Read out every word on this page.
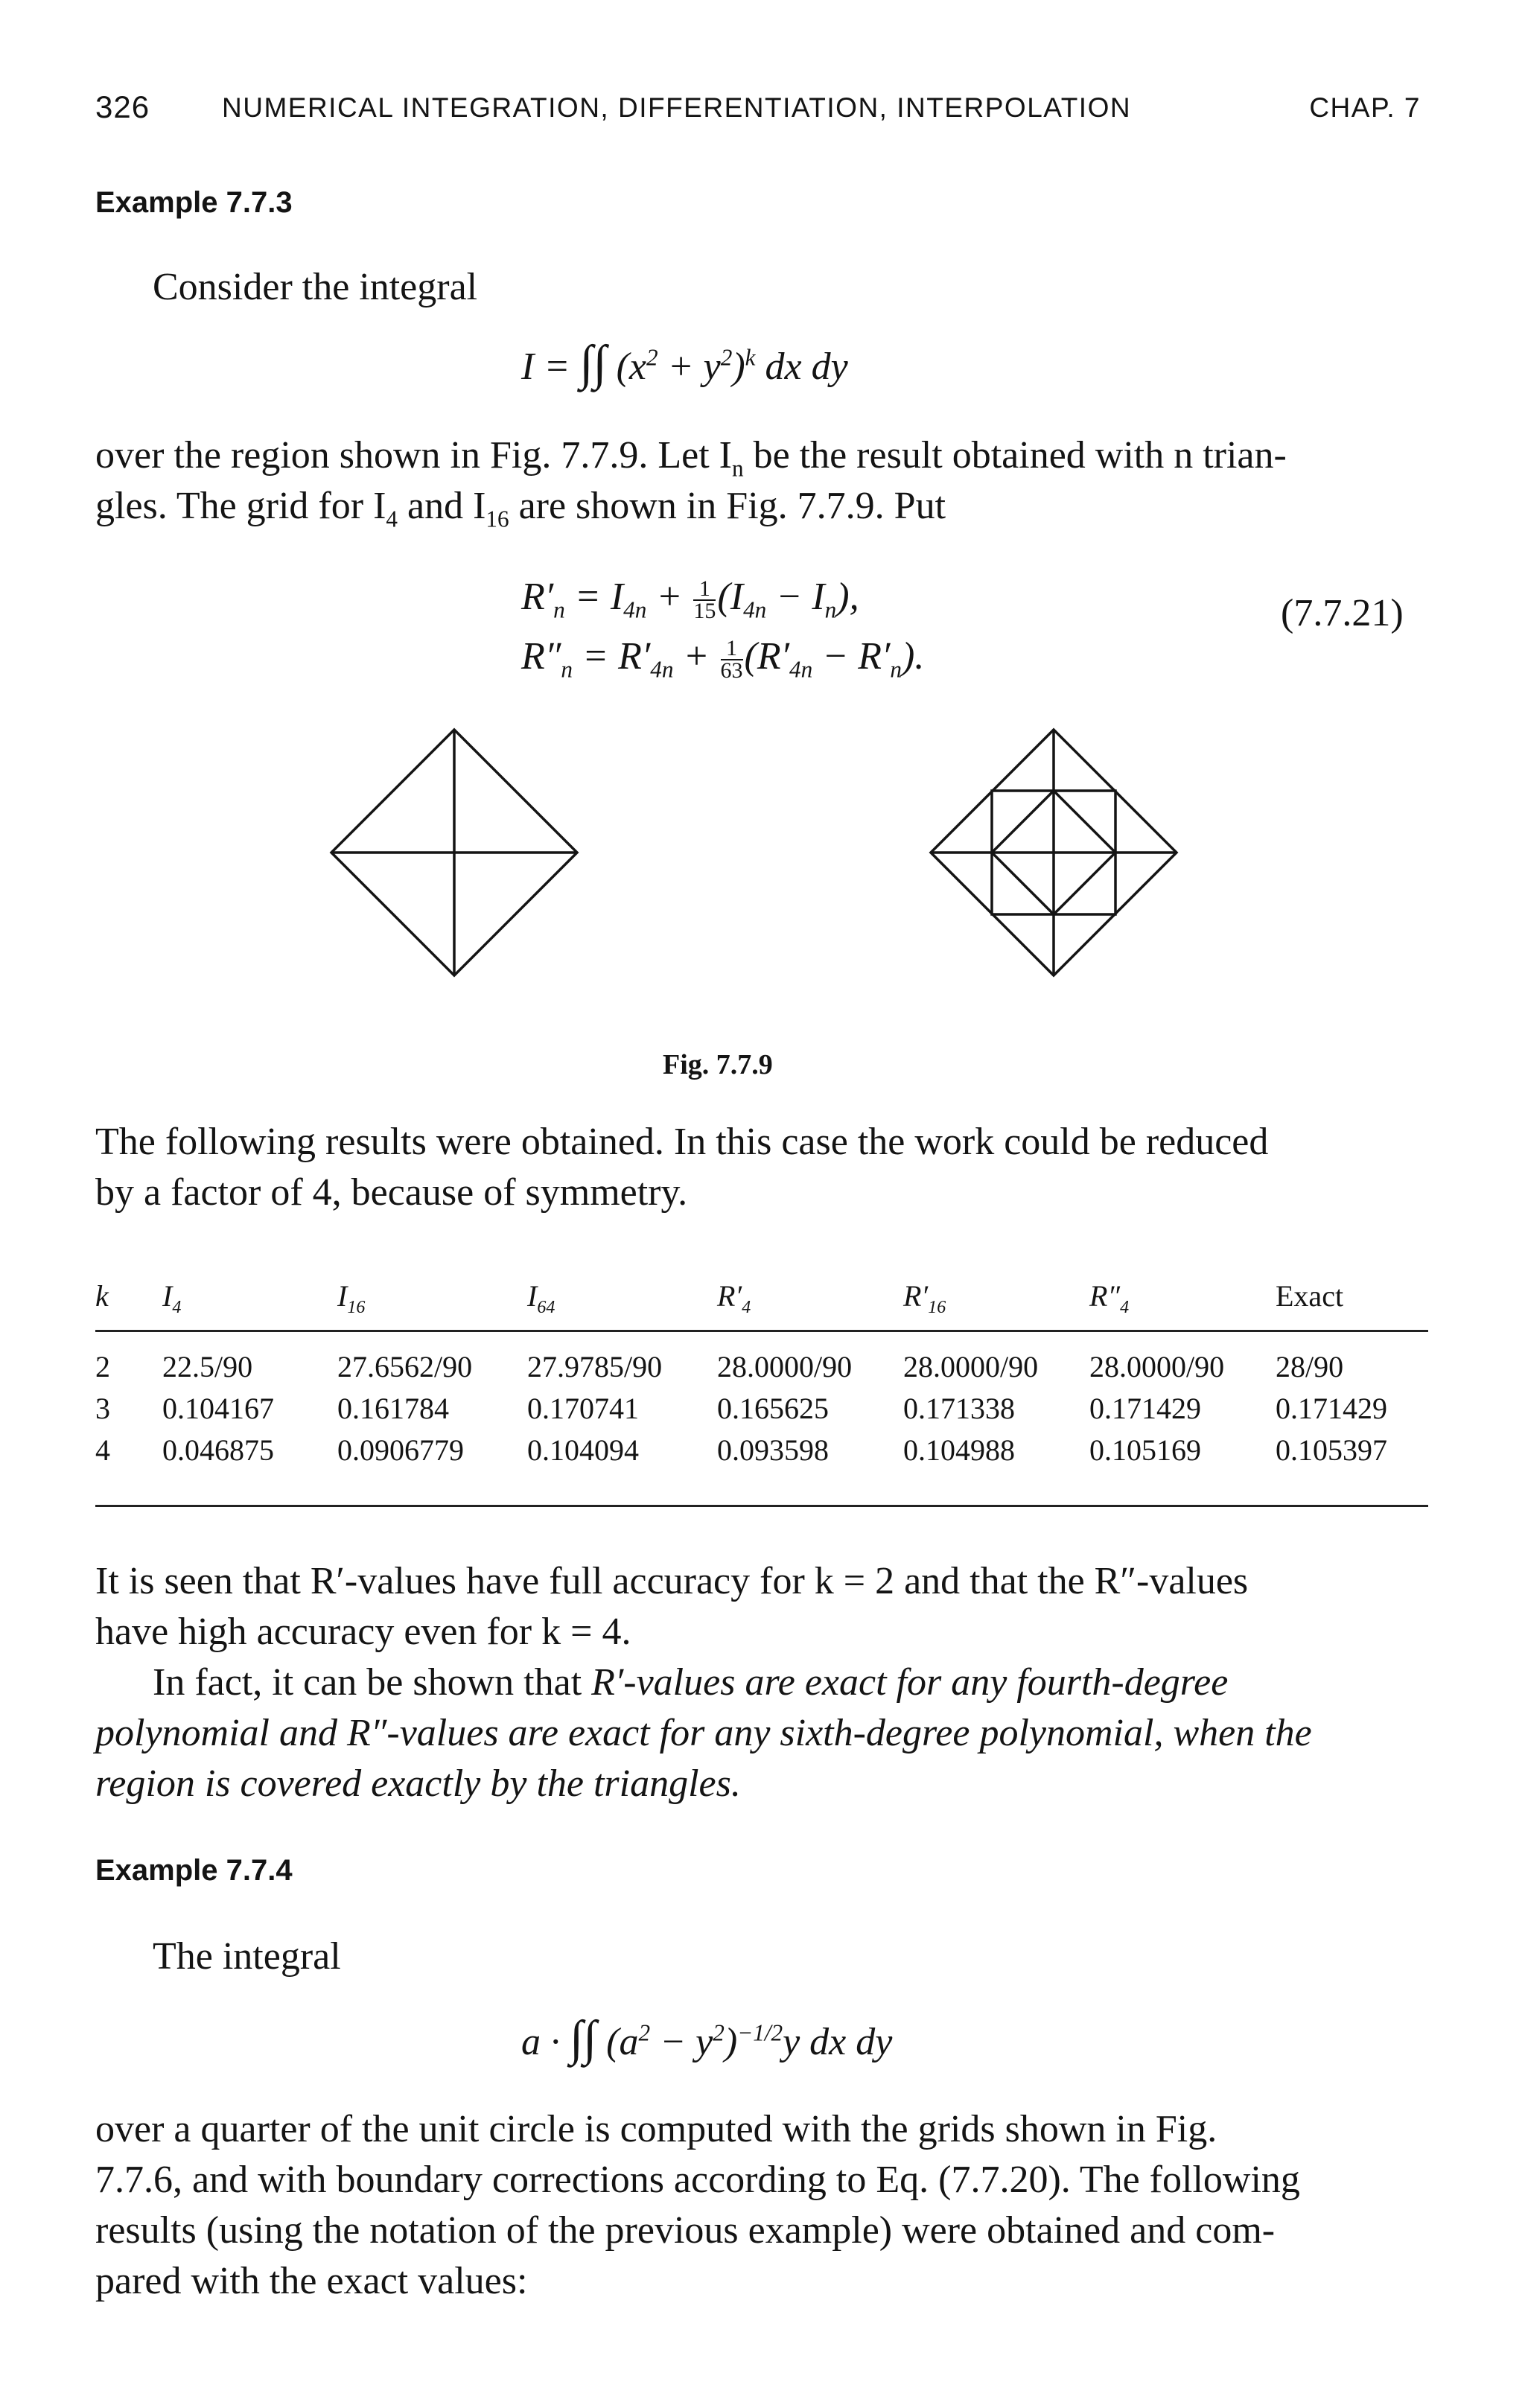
326	NUMERICAL INTEGRATION, DIFFERENTIATION, INTERPOLATION	CHAP. 7
Example 7.7.3
Consider the integral
I = ∫∫ $(x^2 + y^2)^k$ dx dy
over the region shown in Fig. 7.7.9. Let $I_n$ be the result obtained with n trian-
gles. The grid for $I_4$ and $I_{16}$ are shown in Fig. 7.7.9. Put
$R'_n = I_{4n} + \frac{1}{15} (I_{4n} - I_n)$,
$R''_n = R'_{4n} + \frac{1}{63} (R'_{4n} - R'_n)$.
(7.7.21)
Fig. 7.7.9
The following results were obtained. In this case the work could be reduced
by a factor of 4, because of symmetry.
k	$I_4$	$I_{16}$	$I_{64}$	$R'_4$	$R'_{16}$	$R''_4$	Exact
2	22.5/90	27.6562/90	27.9785/90	28.0000/90	28.0000/90	28.0000/90	28/90
3	0.104167	0.161784	0.170741	0.165625	0.171338	0.171429	0.171429
4	0.046875	0.0906779	0.104094	0.093598	0.104988	0.105169	0.105397
It is seen that R′-values have full accuracy for k = 2 and that the R″-values
have high accuracy even for k = 4.
In fact, it can be shown that R′-values are exact for any fourth-degree
polynomial and R″-values are exact for any sixth-degree polynomial, when the
region is covered exactly by the triangles.
Example 7.7.4
The integral
a · ∫∫ $(a^2 - y^2)^{-1/2}y$ dx dy
over a quarter of the unit circle is computed with the grids shown in Fig.
7.7.6, and with boundary corrections according to Eq. (7.7.20). The following
results (using the notation of the previous example) were obtained and com-
pared with the exact values:
